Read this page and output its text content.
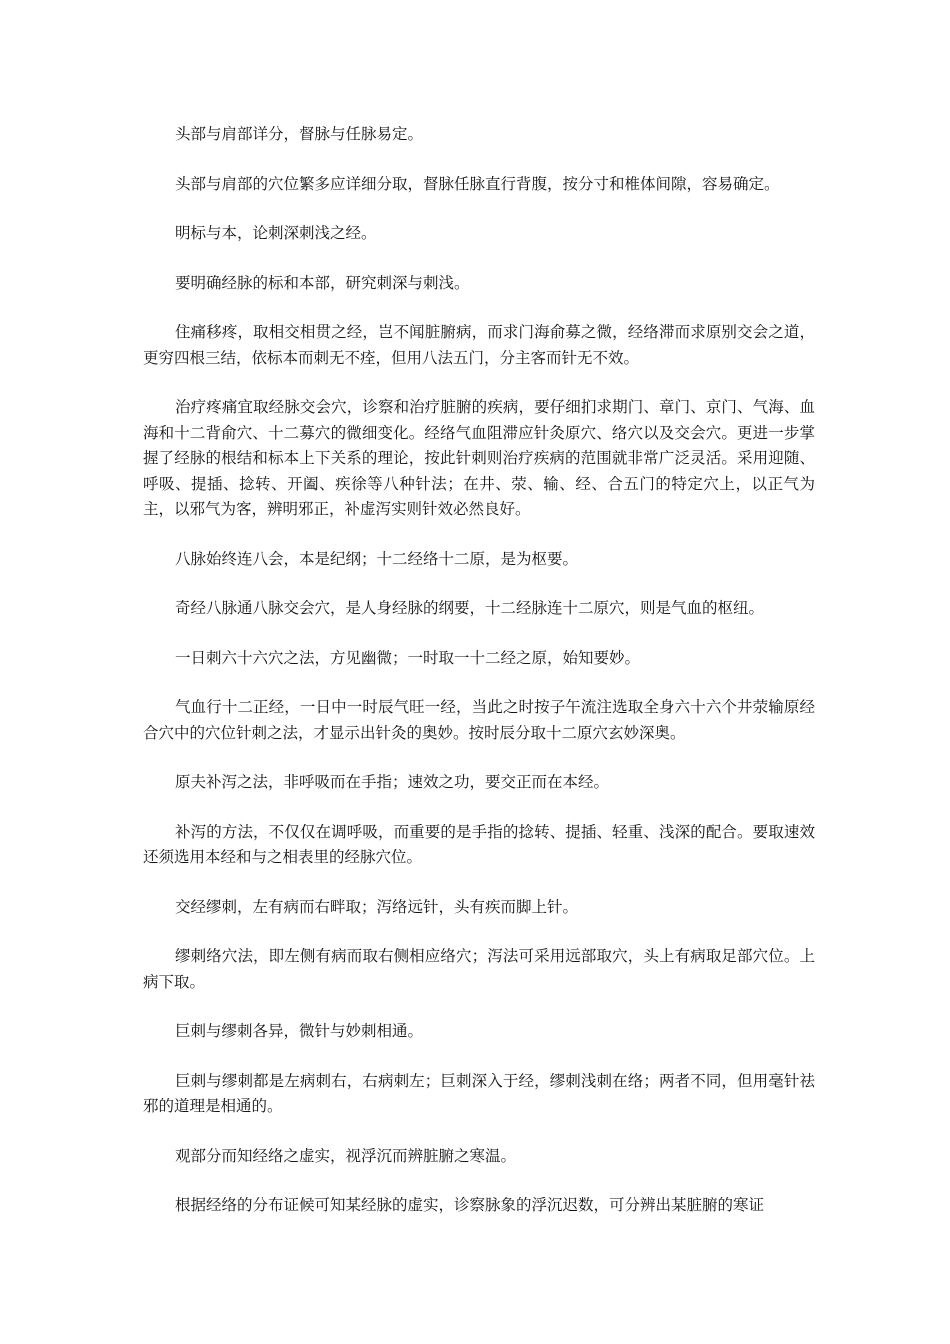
头部与肩部详分，督脉与任脉易定。

头部与肩部的穴位繁多应详细分取，督脉任脉直行背腹，按分寸和椎体间隙，容易确定。

明标与本，论刺深刺浅之经。

要明确经脉的标和本部，研究刺深与刺浅。

住痛移疼，取相交相贯之经，岂不闻脏腑病，而求门海俞募之微，经络滞而求原别交会之道，更穷四根三结，依标本而刺无不痊，但用八法五门，分主客而针无不效。

治疗疼痛宜取经脉交会穴，诊察和治疗脏腑的疾病，要仔细扪求期门、章门、京门、气海、血海和十二背俞穴、十二募穴的微细变化。经络气血阻滞应针灸原穴、络穴以及交会穴。更进一步掌握了经脉的根结和标本上下关系的理论，按此针刺则治疗疾病的范围就非常广泛灵活。采用迎随、呼吸、提插、捻转、开阖、疾徐等八种针法；在井、荥、输、经、合五门的特定穴上，以正气为主，以邪气为客，辨明邪正，补虚泻实则针效必然良好。

八脉始终连八会，本是纪纲；十二经络十二原，是为枢要。

奇经八脉通八脉交会穴，是人身经脉的纲要，十二经脉连十二原穴，则是气血的枢纽。

一日刺六十六穴之法，方见幽微；一时取一十二经之原，始知要妙。

气血行十二正经，一日中一时辰气旺一经，当此之时按子午流注选取全身六十六个井荥输原经合穴中的穴位针刺之法，才显示出针灸的奥妙。按时辰分取十二原穴玄妙深奥。

原夫补泻之法，非呼吸而在手指；速效之功，要交正而在本经。

补泻的方法，不仅仅在调呼吸，而重要的是手指的捻转、提插、轻重、浅深的配合。要取速效还须选用本经和与之相表里的经脉穴位。

交经缪刺，左有病而右畔取；泻络远针，头有疾而脚上针。

缪刺络穴法，即左侧有病而取右侧相应络穴；泻法可采用远部取穴，头上有病取足部穴位。上病下取。

巨刺与缪刺各异，微针与妙刺相通。

巨刺与缪刺都是左病刺右，右病刺左；巨刺深入于经，缪刺浅刺在络；两者不同，但用毫针祛邪的道理是相通的。

观部分而知经络之虚实，视浮沉而辨脏腑之寒温。

根据经络的分布证候可知某经脉的虚实，诊察脉象的浮沉迟数，可分辨出某脏腑的寒证
